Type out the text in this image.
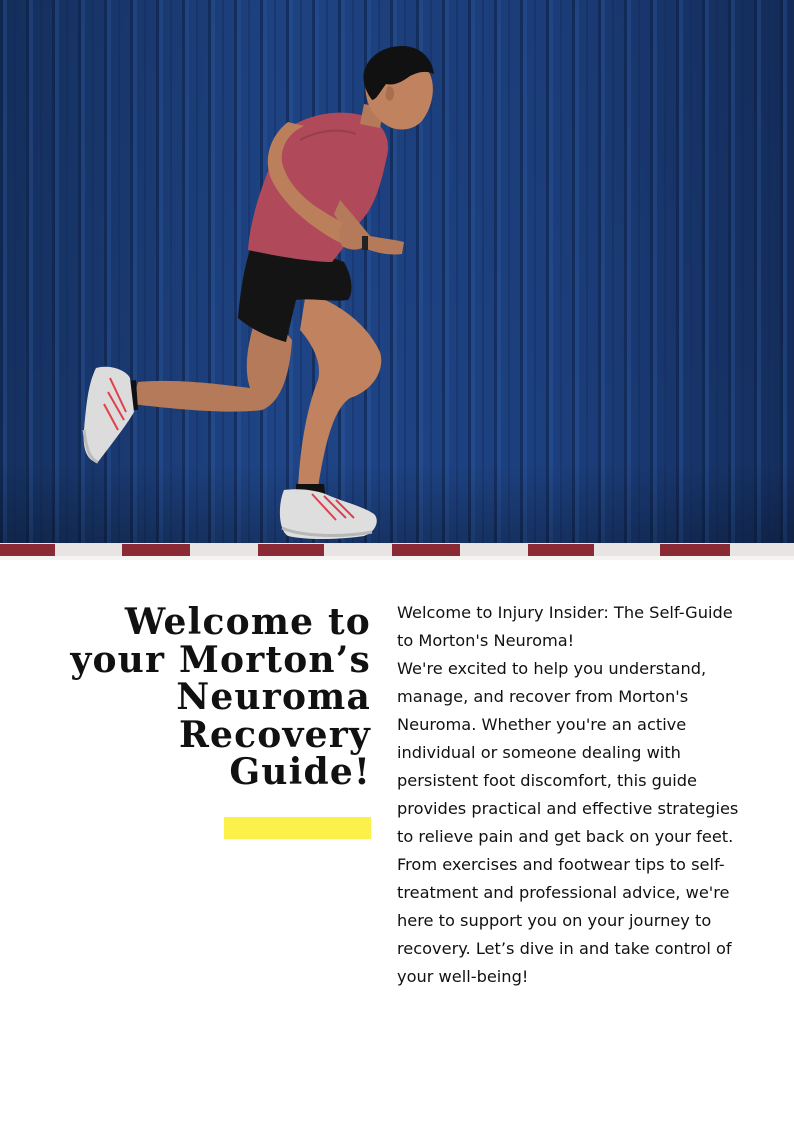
Welcome to your Morton’s Neuroma Recovery Guide!

Welcome to Injury Insider: The Self-Guide to Morton's Neuroma!

We're excited to help you understand, manage, and recover from Morton's Neuroma. Whether you're an active individual or someone dealing with persistent foot discomfort, this guide provides practical and effective strategies to relieve pain and get back on your feet.

From exercises and footwear tips to self-treatment and professional advice, we're here to support you on your journey to recovery. Let’s dive in and take control of your well-being!
